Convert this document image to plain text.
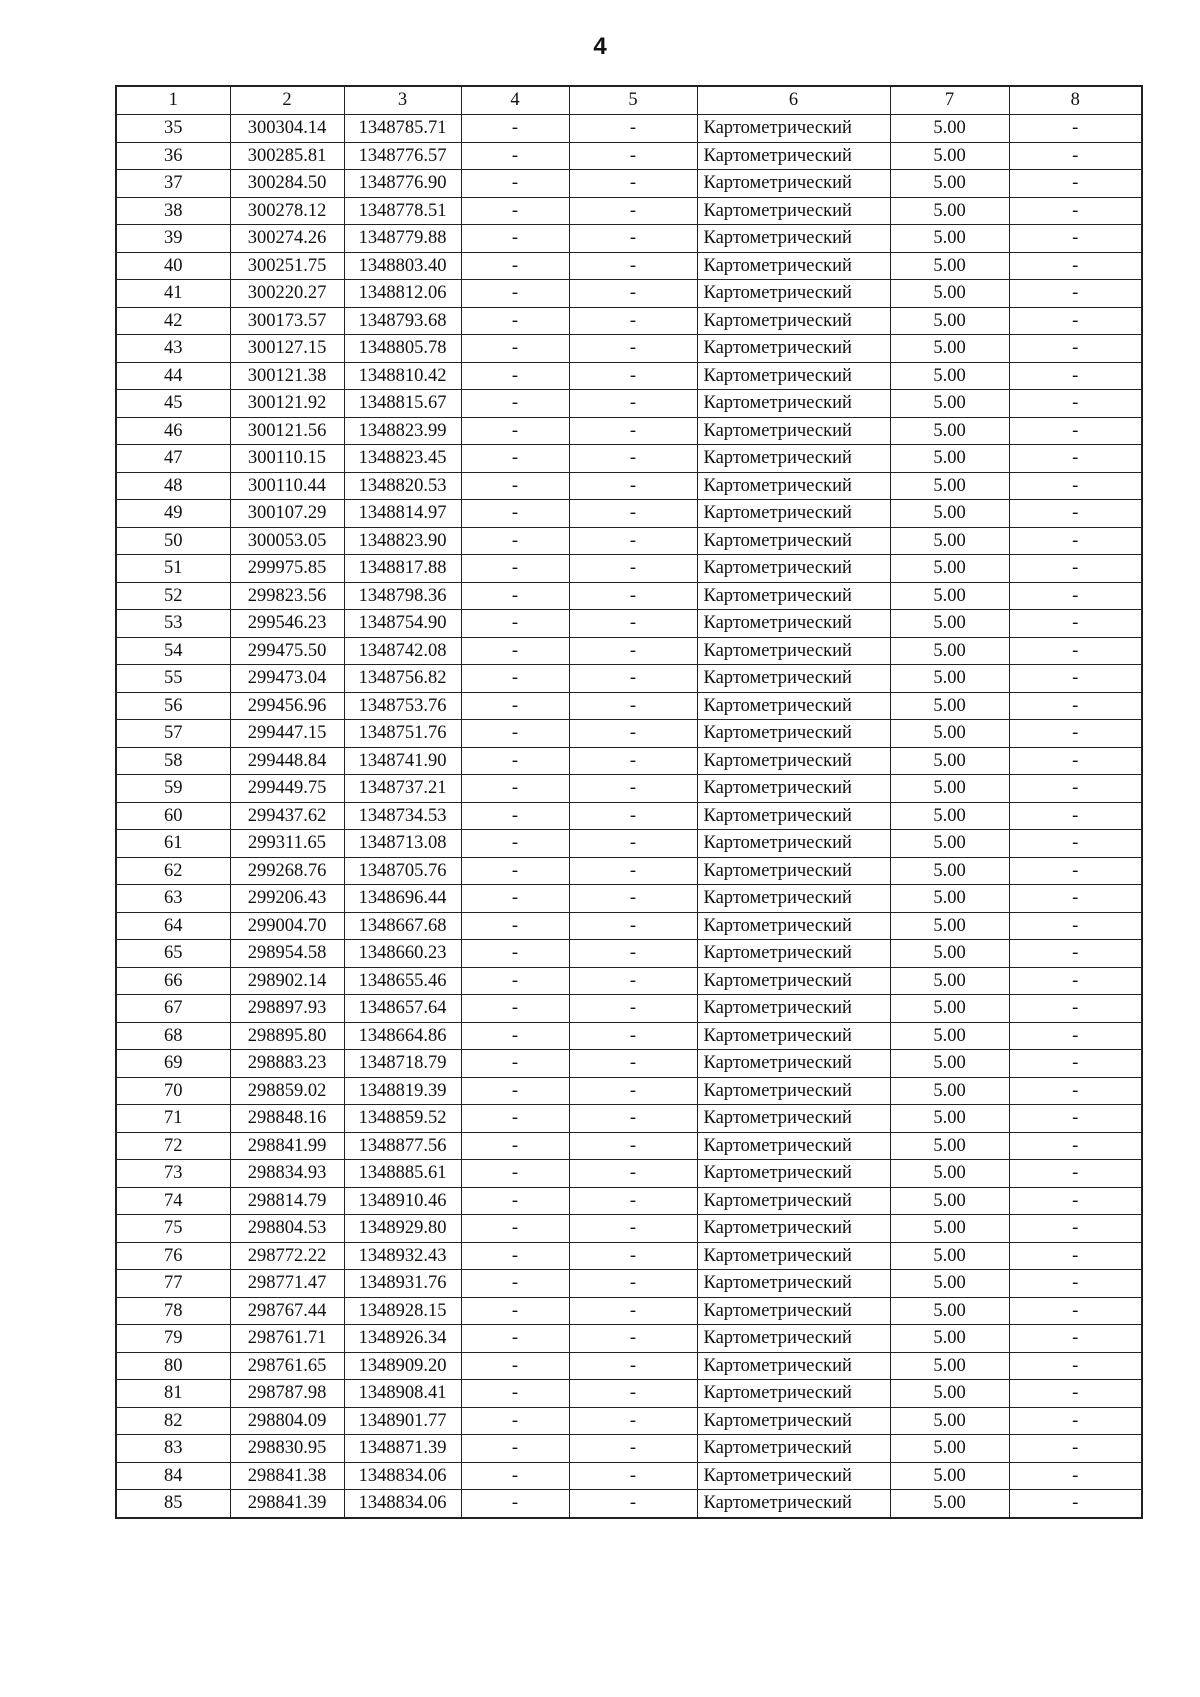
4
1	2	3	4	5	6	7	8
35	300304.14	1348785.71	-	-	Картометрический	5.00	-
36	300285.81	1348776.57	-	-	Картометрический	5.00	-
37	300284.50	1348776.90	-	-	Картометрический	5.00	-
38	300278.12	1348778.51	-	-	Картометрический	5.00	-
39	300274.26	1348779.88	-	-	Картометрический	5.00	-
40	300251.75	1348803.40	-	-	Картометрический	5.00	-
41	300220.27	1348812.06	-	-	Картометрический	5.00	-
42	300173.57	1348793.68	-	-	Картометрический	5.00	-
43	300127.15	1348805.78	-	-	Картометрический	5.00	-
44	300121.38	1348810.42	-	-	Картометрический	5.00	-
45	300121.92	1348815.67	-	-	Картометрический	5.00	-
46	300121.56	1348823.99	-	-	Картометрический	5.00	-
47	300110.15	1348823.45	-	-	Картометрический	5.00	-
48	300110.44	1348820.53	-	-	Картометрический	5.00	-
49	300107.29	1348814.97	-	-	Картометрический	5.00	-
50	300053.05	1348823.90	-	-	Картометрический	5.00	-
51	299975.85	1348817.88	-	-	Картометрический	5.00	-
52	299823.56	1348798.36	-	-	Картометрический	5.00	-
53	299546.23	1348754.90	-	-	Картометрический	5.00	-
54	299475.50	1348742.08	-	-	Картометрический	5.00	-
55	299473.04	1348756.82	-	-	Картометрический	5.00	-
56	299456.96	1348753.76	-	-	Картометрический	5.00	-
57	299447.15	1348751.76	-	-	Картометрический	5.00	-
58	299448.84	1348741.90	-	-	Картометрический	5.00	-
59	299449.75	1348737.21	-	-	Картометрический	5.00	-
60	299437.62	1348734.53	-	-	Картометрический	5.00	-
61	299311.65	1348713.08	-	-	Картометрический	5.00	-
62	299268.76	1348705.76	-	-	Картометрический	5.00	-
63	299206.43	1348696.44	-	-	Картометрический	5.00	-
64	299004.70	1348667.68	-	-	Картометрический	5.00	-
65	298954.58	1348660.23	-	-	Картометрический	5.00	-
66	298902.14	1348655.46	-	-	Картометрический	5.00	-
67	298897.93	1348657.64	-	-	Картометрический	5.00	-
68	298895.80	1348664.86	-	-	Картометрический	5.00	-
69	298883.23	1348718.79	-	-	Картометрический	5.00	-
70	298859.02	1348819.39	-	-	Картометрический	5.00	-
71	298848.16	1348859.52	-	-	Картометрический	5.00	-
72	298841.99	1348877.56	-	-	Картометрический	5.00	-
73	298834.93	1348885.61	-	-	Картометрический	5.00	-
74	298814.79	1348910.46	-	-	Картометрический	5.00	-
75	298804.53	1348929.80	-	-	Картометрический	5.00	-
76	298772.22	1348932.43	-	-	Картометрический	5.00	-
77	298771.47	1348931.76	-	-	Картометрический	5.00	-
78	298767.44	1348928.15	-	-	Картометрический	5.00	-
79	298761.71	1348926.34	-	-	Картометрический	5.00	-
80	298761.65	1348909.20	-	-	Картометрический	5.00	-
81	298787.98	1348908.41	-	-	Картометрический	5.00	-
82	298804.09	1348901.77	-	-	Картометрический	5.00	-
83	298830.95	1348871.39	-	-	Картометрический	5.00	-
84	298841.38	1348834.06	-	-	Картометрический	5.00	-
85	298841.39	1348834.06	-	-	Картометрический	5.00	-
